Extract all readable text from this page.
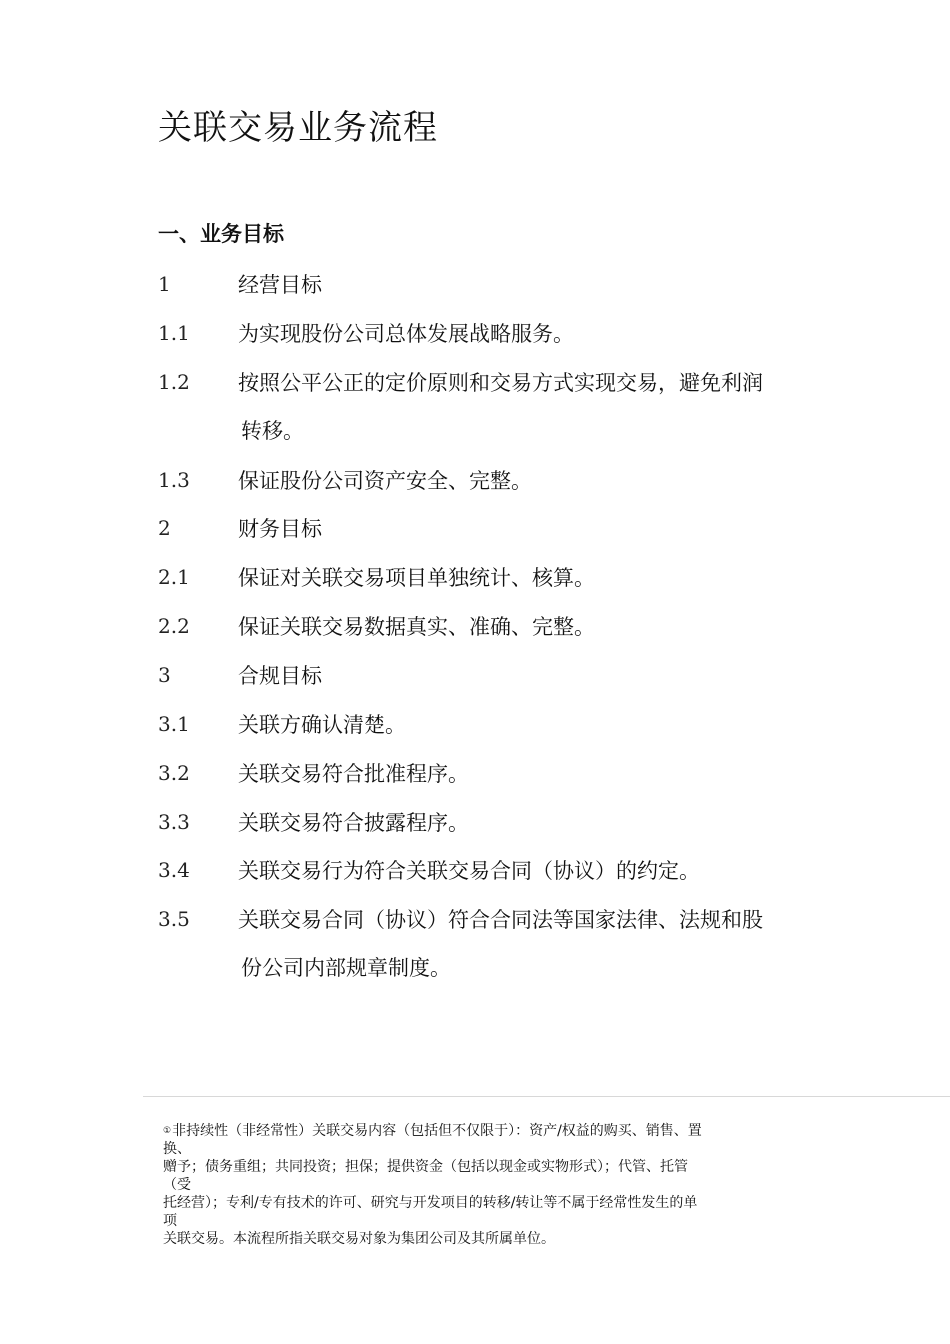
关联交易业务流程
一、业务目标
1	经营目标
1.1	为实现股份公司总体发展战略服务。
1.2	按照公平公正的定价原则和交易方式实现交易，避免利润
转移。
1.3	保证股份公司资产安全、完整。
2	财务目标
2.1	保证对关联交易项目单独统计、核算。
2.2	保证关联交易数据真实、准确、完整。
3	合规目标
3.1	关联方确认清楚。
3.2	关联交易符合批准程序。
3.3	关联交易符合披露程序。
3.4	关联交易行为符合关联交易合同（协议）的约定。
3.5	关联交易合同（协议）符合合同法等国家法律、法规和股
份公司内部规章制度。
①非持续性（非经常性）关联交易内容（包括但不仅限于）：资产/权益的购买、销售、置
换、
赠予；债务重组；共同投资；担保；提供资金（包括以现金或实物形式）；代管、托管
（受
托经营）；专利/专有技术的许可、研究与开发项目的转移/转让等不属于经常性发生的单
项
关联交易。本流程所指关联交易对象为集团公司及其所属单位。
